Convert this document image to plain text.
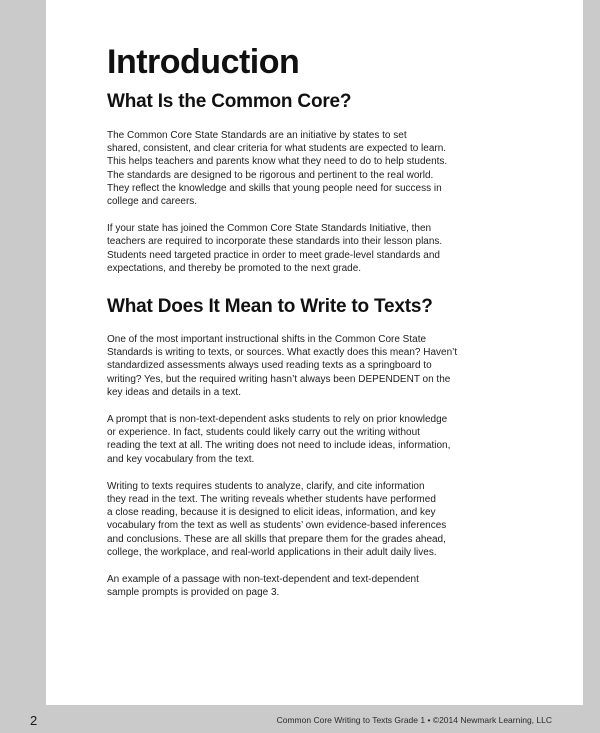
Introduction
What Is the Common Core?

The Common Core State Standards are an initiative by states to set
shared, consistent, and clear criteria for what students are expected to learn.
This helps teachers and parents know what they need to do to help students.
The standards are designed to be rigorous and pertinent to the real world.
They reflect the knowledge and skills that young people need for success in
college and careers.

If your state has joined the Common Core State Standards Initiative, then
teachers are required to incorporate these standards into their lesson plans.
Students need targeted practice in order to meet grade-level standards and
expectations, and thereby be promoted to the next grade.

What Does It Mean to Write to Texts?

One of the most important instructional shifts in the Common Core State
Standards is writing to texts, or sources. What exactly does this mean? Haven’t
standardized assessments always used reading texts as a springboard to
writing? Yes, but the required writing hasn’t always been DEPENDENT on the
key ideas and details in a text.

A prompt that is non-text-dependent asks students to rely on prior knowledge
or experience. In fact, students could likely carry out the writing without
reading the text at all. The writing does not need to include ideas, information,
and key vocabulary from the text.

Writing to texts requires students to analyze, clarify, and cite information
they read in the text. The writing reveals whether students have performed
a close reading, because it is designed to elicit ideas, information, and key
vocabulary from the text as well as students’ own evidence-based inferences
and conclusions. These are all skills that prepare them for the grades ahead,
college, the workplace, and real-world applications in their adult daily lives.

An example of a passage with non-text-dependent and text-dependent
sample prompts is provided on page 3.

2	Common Core Writing to Texts Grade 1 • ©2014 Newmark Learning, LLC
